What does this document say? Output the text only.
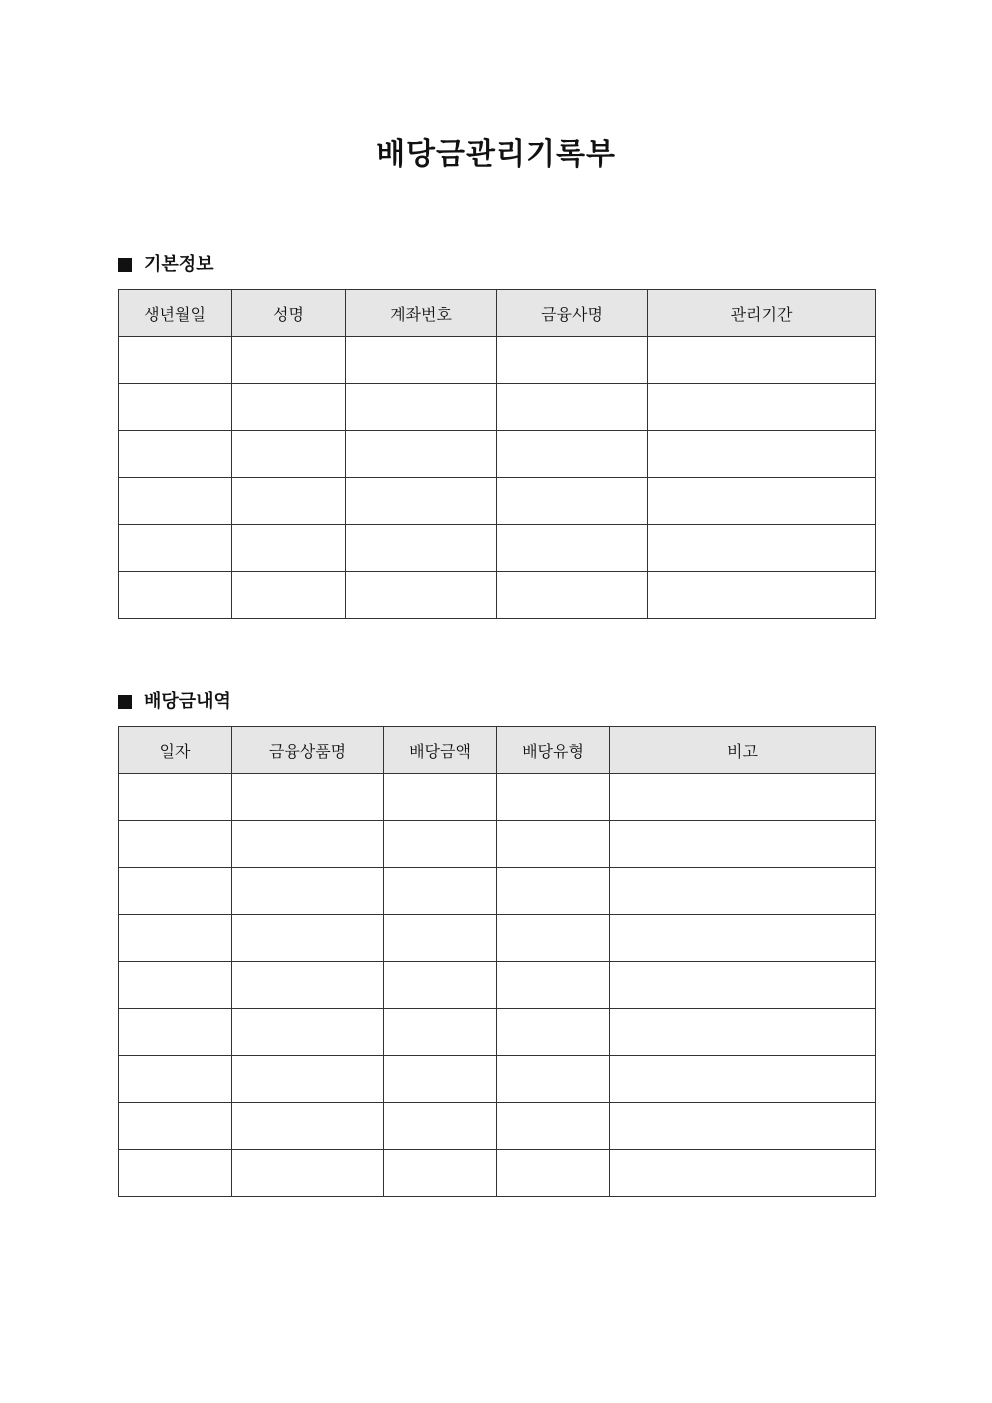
배당금관리기록부
기본정보
생년월일	성명	계좌번호	금융사명	관리기간

배당금내역
일자	금융상품명	배당금액	배당유형	비고
